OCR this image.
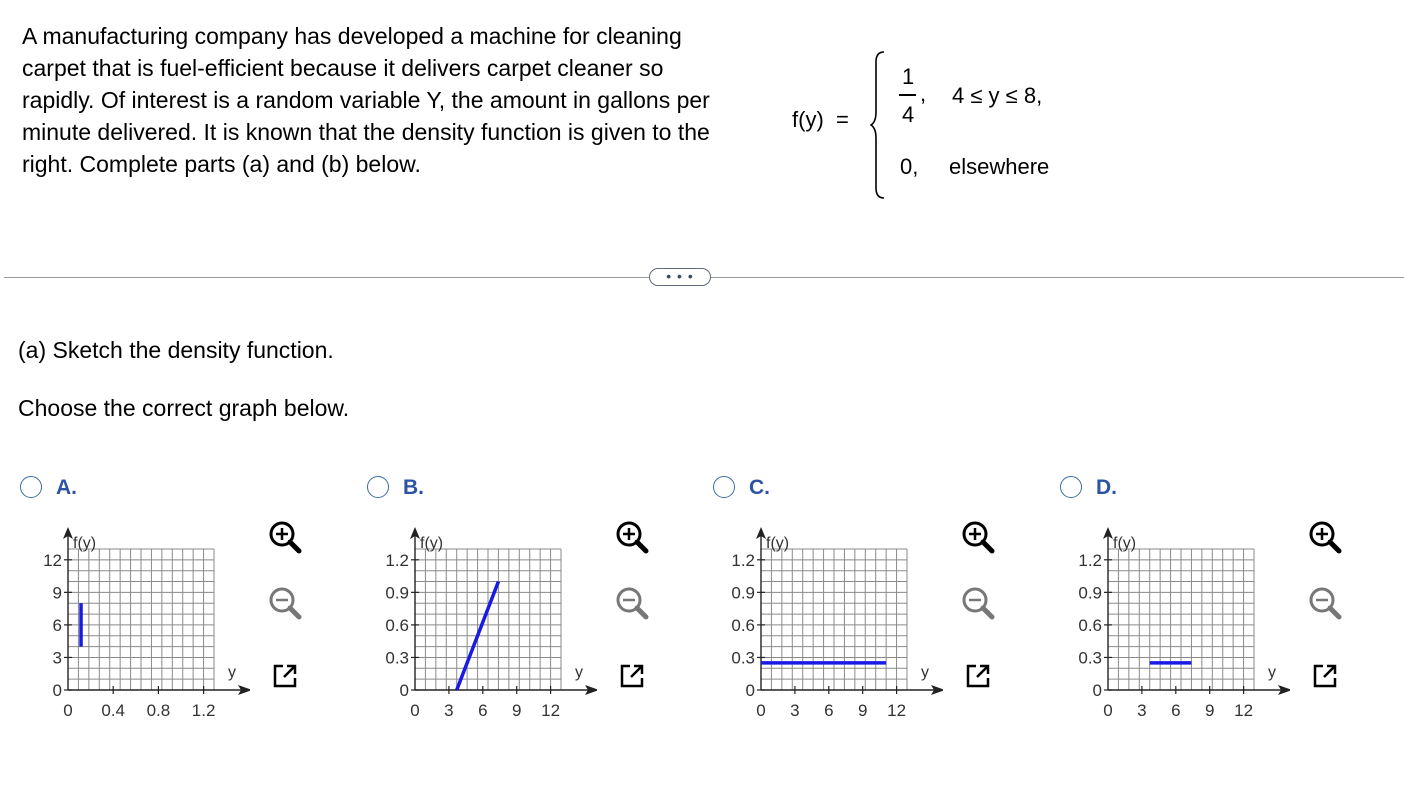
A manufacturing company has developed a machine for cleaning carpet that is fuel-efficient because it delivers carpet cleaner so rapidly. Of interest is a random variable Y, the amount in gallons per minute delivered. It is known that the density function is given to the right. Complete parts (a) and (b) below.
f(y) =
1
4
, 4 ≤ y ≤ 8,
0, elsewhere
• • •
(a) Sketch the density function.
Choose the correct graph below.
A.
12
9
6
3
0
0 0.4 0.8 1.2
f(y)
y
B.
1.2
0.9
0.6
0.3
0
0 3 6 9 12
f(y)
y
C.
1.2
0.9
0.6
0.3
0
0 3 6 9 12
f(y)
y
D.
1.2
0.9
0.6
0.3
0
0 3 6 9 12
f(y)
y
